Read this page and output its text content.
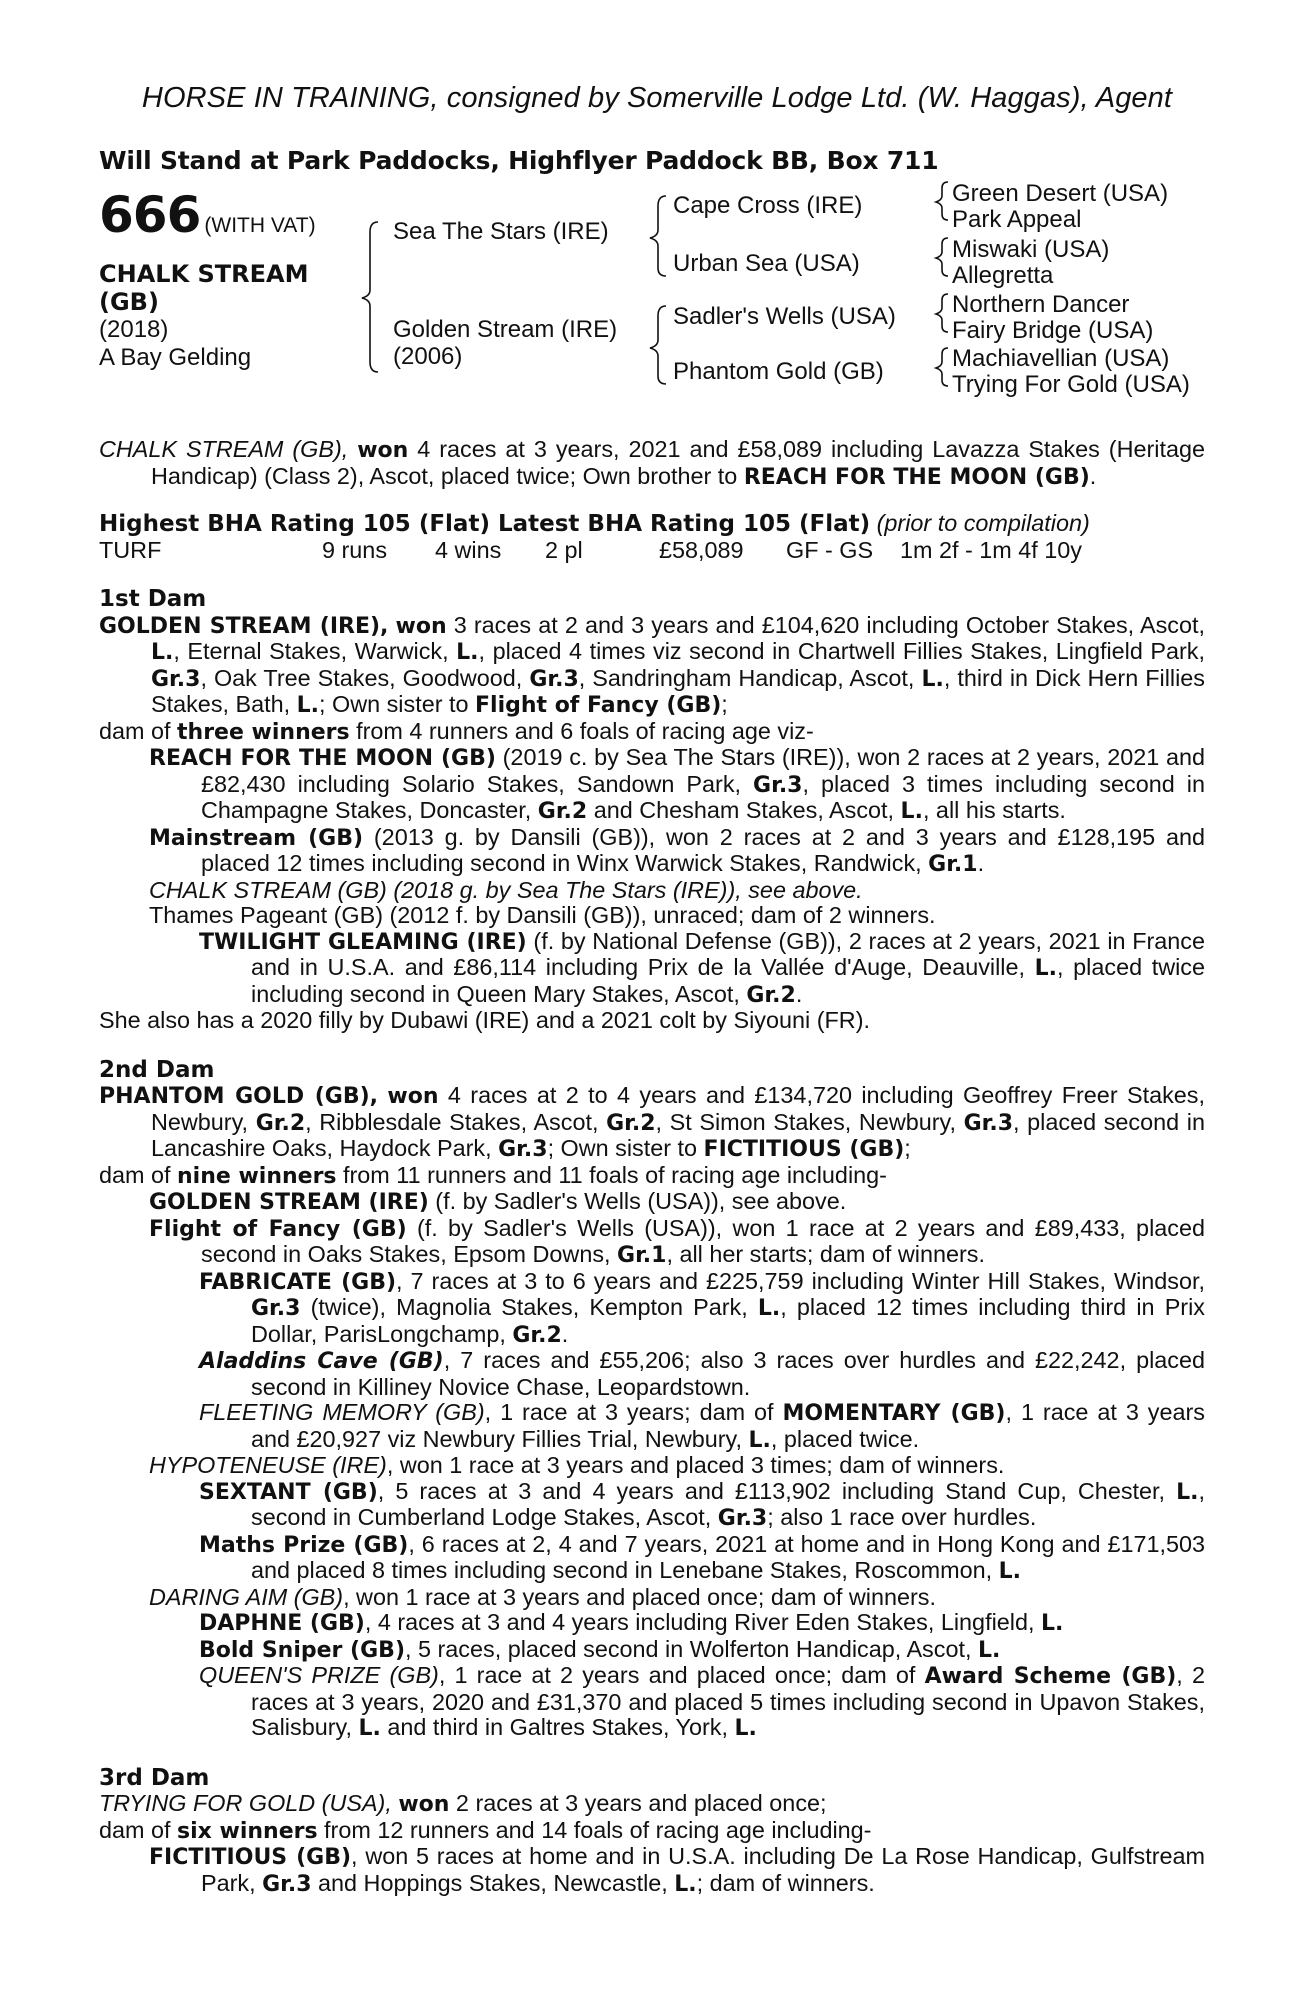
HORSE IN TRAINING, consigned by Somerville Lodge Ltd. (W. Haggas), Agent
Will Stand at Park Paddocks, Highflyer Paddock BB, Box 711
666 (WITH VAT)
CHALK STREAM
(GB)
(2018)
A Bay Gelding
Sea The Stars (IRE)
Golden Stream (IRE)
(2006)
Cape Cross (IRE)
Urban Sea (USA)
Sadler's Wells (USA)
Phantom Gold (GB)
Green Desert (USA)
Park Appeal
Miswaki (USA)
Allegretta
Northern Dancer
Fairy Bridge (USA)
Machiavellian (USA)
Trying For Gold (USA)

CHALK STREAM (GB), won 4 races at 3 years, 2021 and £58,089 including Lavazza Stakes (Heritage Handicap) (Class 2), Ascot, placed twice; Own brother to REACH FOR THE MOON (GB).

Highest BHA Rating 105 (Flat) Latest BHA Rating 105 (Flat) (prior to compilation)

TURF	9 runs	4 wins	2 pl	£58,089	GF - GS	1m 2f - 1m 4f 10y
1st Dam

GOLDEN STREAM (IRE), won 3 races at 2 and 3 years and £104,620 including October Stakes, Ascot, L., Eternal Stakes, Warwick, L., placed 4 times viz second in Chartwell Fillies Stakes, Lingfield Park, Gr.3, Oak Tree Stakes, Goodwood, Gr.3, Sandringham Handicap, Ascot, L., third in Dick Hern Fillies Stakes, Bath, L.; Own sister to Flight of Fancy (GB);

dam of three winners from 4 runners and 6 foals of racing age viz-

REACH FOR THE MOON (GB) (2019 c. by Sea The Stars (IRE)), won 2 races at 2 years, 2021 and £82,430 including Solario Stakes, Sandown Park, Gr.3, placed 3 times including second in Champagne Stakes, Doncaster, Gr.2 and Chesham Stakes, Ascot, L., all his starts.

Mainstream (GB) (2013 g. by Dansili (GB)), won 2 races at 2 and 3 years and £128,195 and placed 12 times including second in Winx Warwick Stakes, Randwick, Gr.1.

CHALK STREAM (GB) (2018 g. by Sea The Stars (IRE)), see above.

Thames Pageant (GB) (2012 f. by Dansili (GB)), unraced; dam of 2 winners.

TWILIGHT GLEAMING (IRE) (f. by National Defense (GB)), 2 races at 2 years, 2021 in France and in U.S.A. and £86,114 including Prix de la Vallée d'Auge, Deauville, L., placed twice including second in Queen Mary Stakes, Ascot, Gr.2.

She also has a 2020 filly by Dubawi (IRE) and a 2021 colt by Siyouni (FR).

2nd Dam

PHANTOM GOLD (GB), won 4 races at 2 to 4 years and £134,720 including Geoffrey Freer Stakes, Newbury, Gr.2, Ribblesdale Stakes, Ascot, Gr.2, St Simon Stakes, Newbury, Gr.3, placed second in Lancashire Oaks, Haydock Park, Gr.3; Own sister to FICTITIOUS (GB);

dam of nine winners from 11 runners and 11 foals of racing age including-

GOLDEN STREAM (IRE) (f. by Sadler's Wells (USA)), see above.

Flight of Fancy (GB) (f. by Sadler's Wells (USA)), won 1 race at 2 years and £89,433, placed second in Oaks Stakes, Epsom Downs, Gr.1, all her starts; dam of winners.

FABRICATE (GB), 7 races at 3 to 6 years and £225,759 including Winter Hill Stakes, Windsor, Gr.3 (twice), Magnolia Stakes, Kempton Park, L., placed 12 times including third in Prix Dollar, ParisLongchamp, Gr.2.

Aladdins Cave (GB), 7 races and £55,206; also 3 races over hurdles and £22,242, placed second in Killiney Novice Chase, Leopardstown.

FLEETING MEMORY (GB), 1 race at 3 years; dam of MOMENTARY (GB), 1 race at 3 years and £20,927 viz Newbury Fillies Trial, Newbury, L., placed twice.

HYPOTENEUSE (IRE), won 1 race at 3 years and placed 3 times; dam of winners.

SEXTANT (GB), 5 races at 3 and 4 years and £113,902 including Stand Cup, Chester, L., second in Cumberland Lodge Stakes, Ascot, Gr.3; also 1 race over hurdles.

Maths Prize (GB), 6 races at 2, 4 and 7 years, 2021 at home and in Hong Kong and £171,503 and placed 8 times including second in Lenebane Stakes, Roscommon, L.

DARING AIM (GB), won 1 race at 3 years and placed once; dam of winners.

DAPHNE (GB), 4 races at 3 and 4 years including River Eden Stakes, Lingfield, L.

Bold Sniper (GB), 5 races, placed second in Wolferton Handicap, Ascot, L.

QUEEN'S PRIZE (GB), 1 race at 2 years and placed once; dam of Award Scheme (GB), 2 races at 3 years, 2020 and £31,370 and placed 5 times including second in Upavon Stakes, Salisbury, L. and third in Galtres Stakes, York, L.

3rd Dam

TRYING FOR GOLD (USA), won 2 races at 3 years and placed once;

dam of six winners from 12 runners and 14 foals of racing age including-

FICTITIOUS (GB), won 5 races at home and in U.S.A. including De La Rose Handicap, Gulfstream Park, Gr.3 and Hoppings Stakes, Newcastle, L.; dam of winners.
